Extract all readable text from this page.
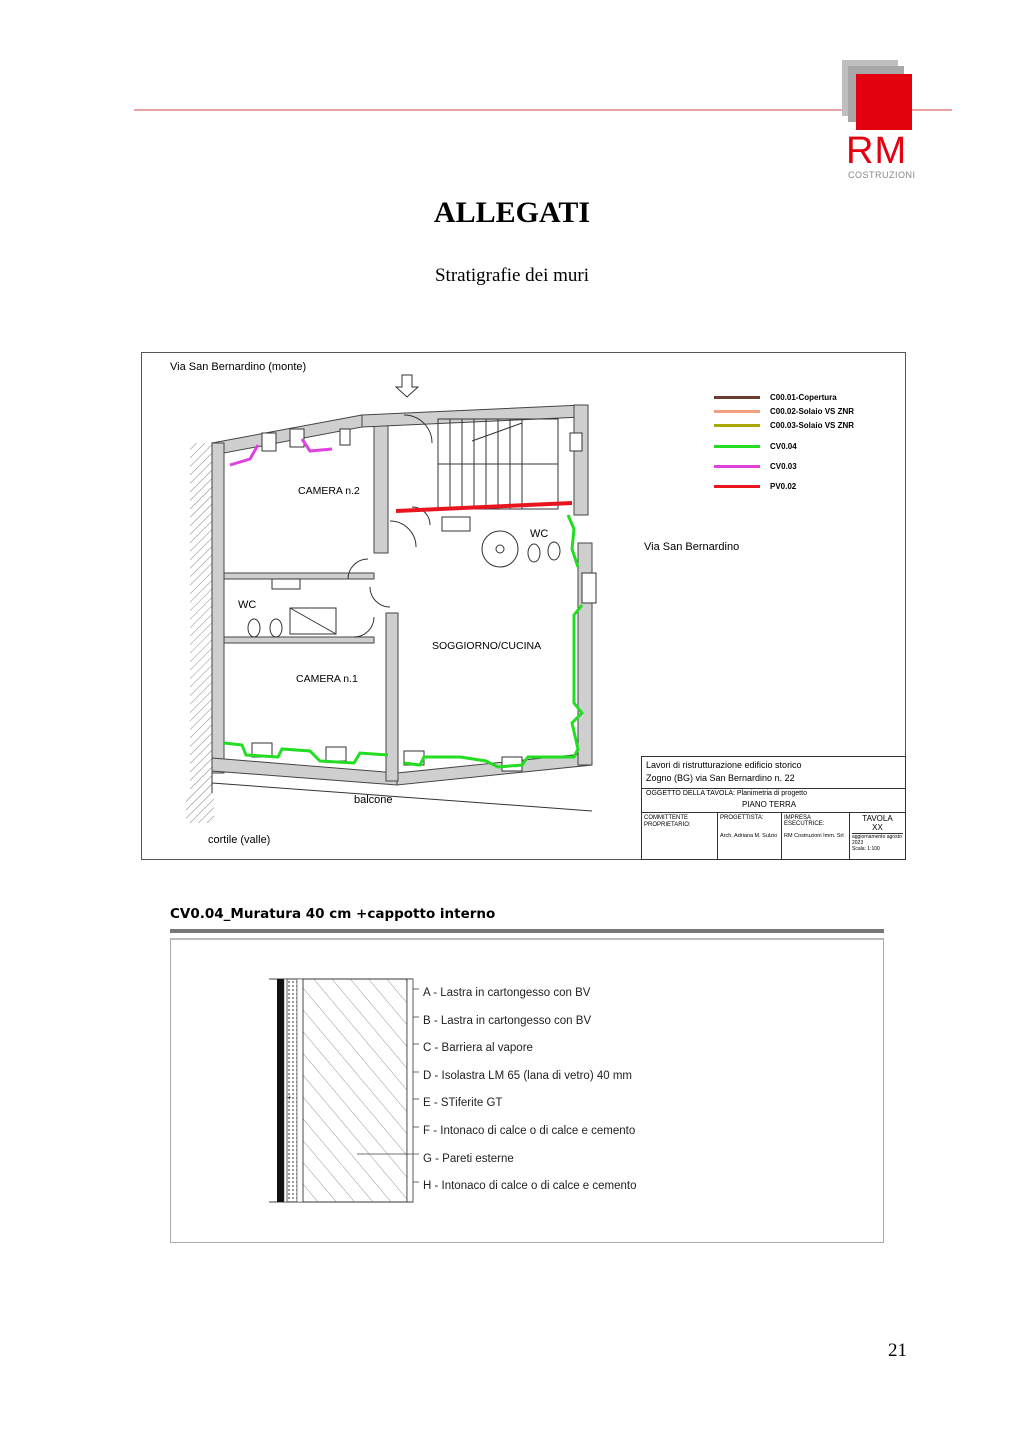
RM
COSTRUZIONI
ALLEGATI
Stratigrafie dei muri
Via San Bernardino (monte)
Via San Bernardino
CAMERA n.2
CAMERA n.1
WC
WC
SOGGIORNO/CUCINA
balcone
cortile (valle)
C00.01-Copertura
C00.02-Solaio VS ZNR
C00.03-Solaio VS ZNR
CV0.04
CV0.03
PV0.02
Lavori di ristrutturazione edificio storico
Zogno (BG) via San Bernardino n. 22
OGGETTO DELLA TAVOLA: Planimetria di progetto
PIANO TERRA
COMMITTENTE PROPRIETARIO:
PROGETTISTA:
Arch. Adriana M. Sulzio
IMPRESA ESECUTRICE:
RM Costruzioni Imm. Srl
TAVOLA
XX
aggiornamento agosto 2023
Scala: 1:100
CV0.04_Muratura 40 cm +cappotto interno
+
A - Lastra in cartongesso con BV
B - Lastra in cartongesso con BV
C - Barriera al vapore
D - Isolastra LM 65 (lana di vetro) 40 mm
E - STiferite GT
F - Intonaco di calce o di calce e cemento
G - Pareti esterne
H - Intonaco di calce o di calce e cemento
21
